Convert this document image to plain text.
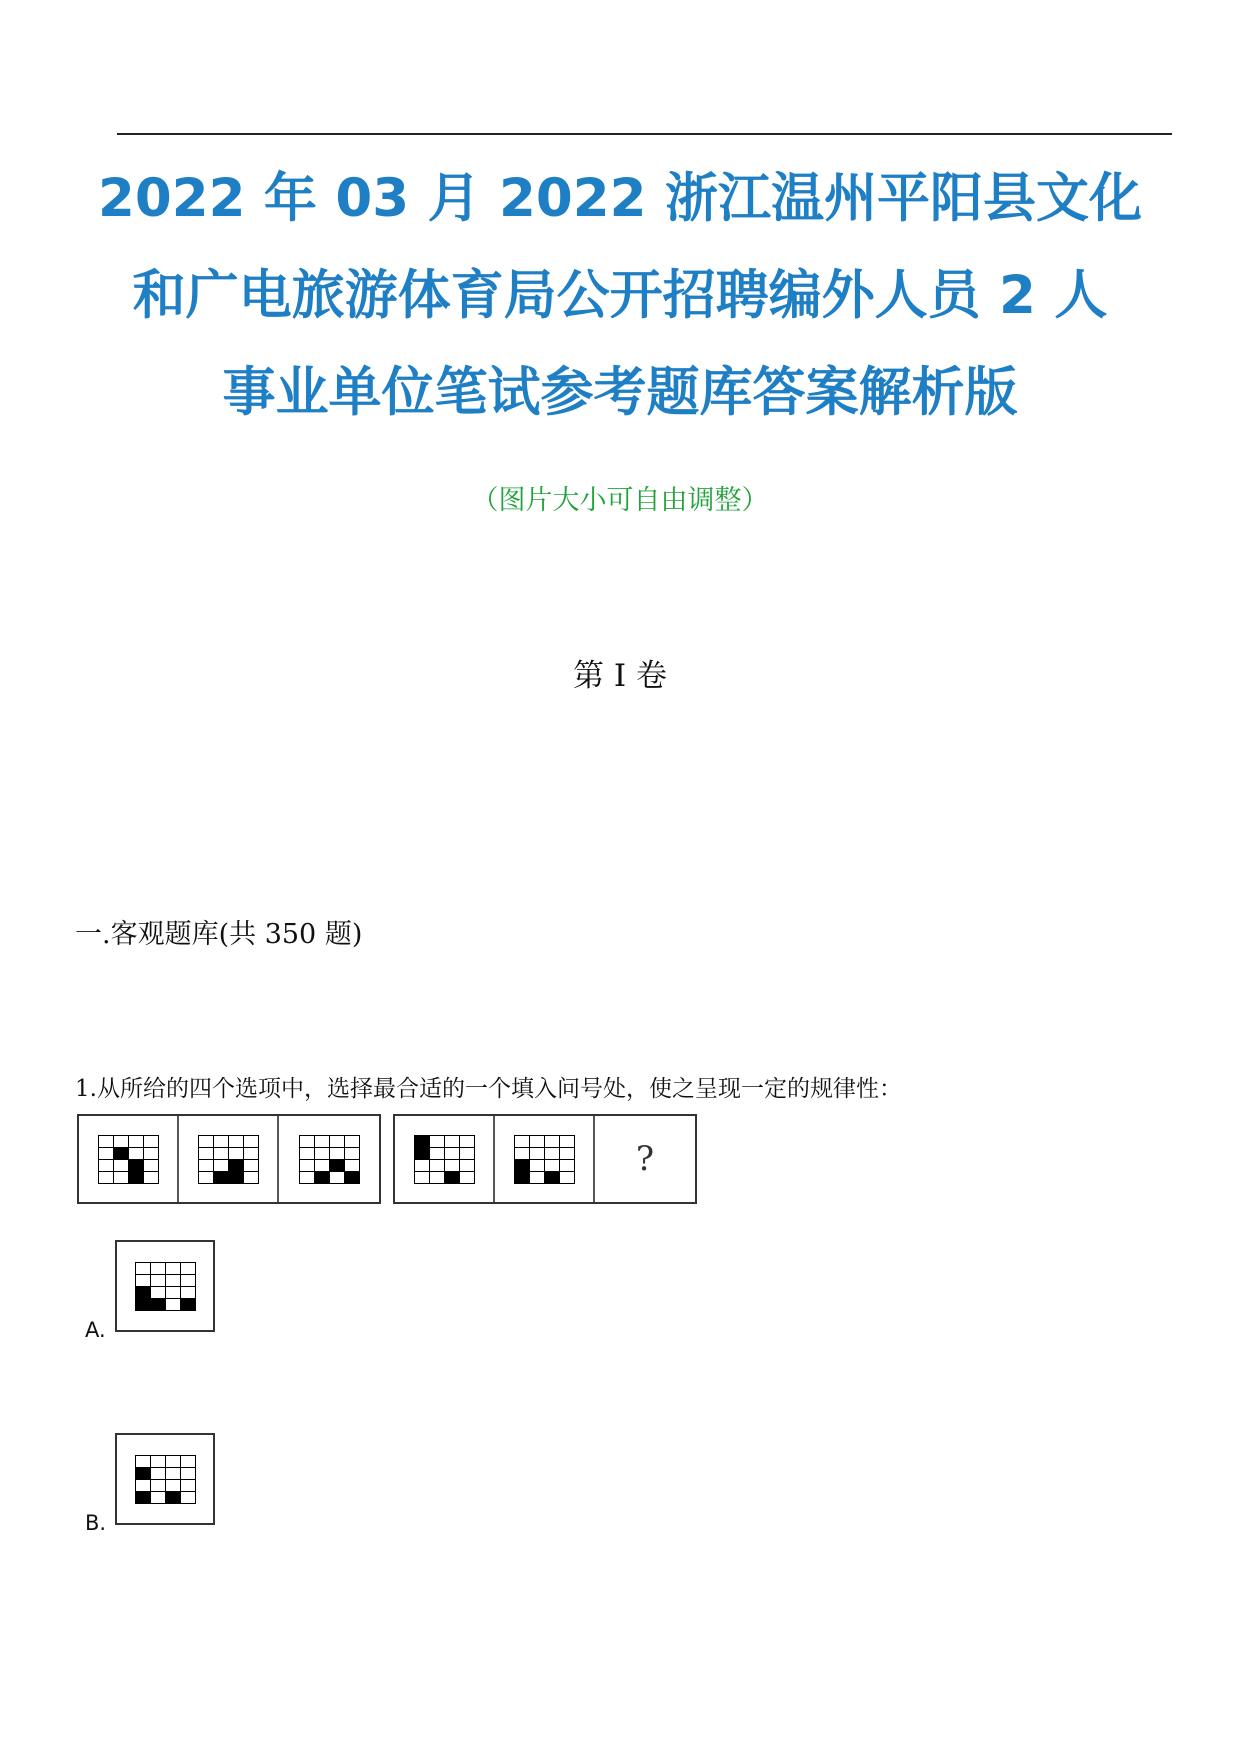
2022 年 03 月 2022 浙江温州平阳县文化
和广电旅游体育局公开招聘编外人员 2 人
事业单位笔试参考题库答案解析版
（图片大小可自由调整）
第 I 卷
一.客观题库(共 350 题)
1.从所给的四个选项中，选择最合适的一个填入问号处，使之呈现一定的规律性：
?
A.
B.
